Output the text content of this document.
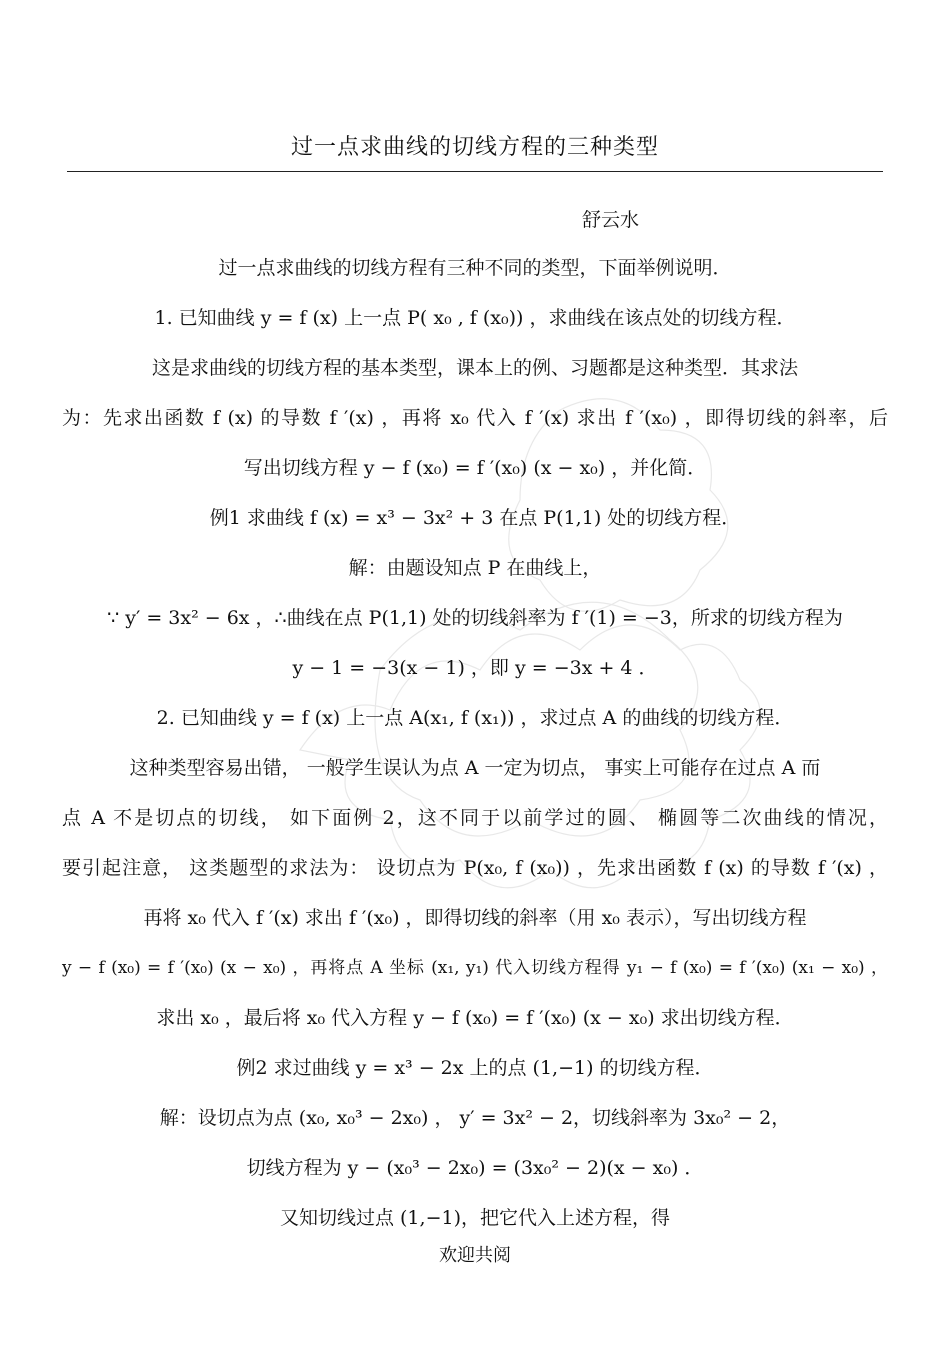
过一点求曲线的切线方程的三种类型
舒云水
过一点求曲线的切线方程有三种不同的类型，下面举例说明．
1. 已知曲线 y = f (x) 上一点 P( x₀ , f (x₀)) ，求曲线在该点处的切线方程．
这是求曲线的切线方程的基本类型，课本上的例、习题都是这种类型．其求法
为：先求出函数 f (x) 的导数 f ′(x) ，再将 x₀ 代入 f ′(x) 求出 f ′(x₀) ，即得切线的斜率，后
写出切线方程 y − f (x₀) = f ′(x₀) (x − x₀) ，并化简．
例1 求曲线 f (x) = x³ − 3x² + 3 在点 P(1,1) 处的切线方程．
解：由题设知点 P 在曲线上，
∵ y′ = 3x² − 6x ，∴曲线在点 P(1,1) 处的切线斜率为 f ′(1) = −3，所求的切线方程为
y − 1 = −3(x − 1) ，即 y = −3x + 4 ．
2. 已知曲线 y = f (x) 上一点 A(x₁, f (x₁)) ，求过点 A 的曲线的切线方程．
这种类型容易出错， 一般学生误认为点 A 一定为切点， 事实上可能存在过点 A 而
点 A 不是切点的切线， 如下面例 2，这不同于以前学过的圆、 椭圆等二次曲线的情况，
要引起注意， 这类题型的求法为： 设切点为 P(x₀, f (x₀)) ，先求出函数 f (x) 的导数 f ′(x) ，
再将 x₀ 代入 f ′(x) 求出 f ′(x₀) ，即得切线的斜率（用 x₀ 表示），写出切线方程
y − f (x₀) = f ′(x₀) (x − x₀) ，再将点 A 坐标 (x₁, y₁) 代入切线方程得 y₁ − f (x₀) = f ′(x₀) (x₁ − x₀) ，
求出 x₀ ，最后将 x₀ 代入方程 y − f (x₀) = f ′(x₀) (x − x₀) 求出切线方程．
例2 求过曲线 y = x³ − 2x 上的点 (1,−1) 的切线方程．
解：设切点为点 (x₀, x₀³ − 2x₀) ， y′ = 3x² − 2，切线斜率为 3x₀² − 2，
切线方程为 y − (x₀³ − 2x₀) = (3x₀² − 2)(x − x₀) ．
又知切线过点 (1,−1)，把它代入上述方程，得
欢迎共阅
